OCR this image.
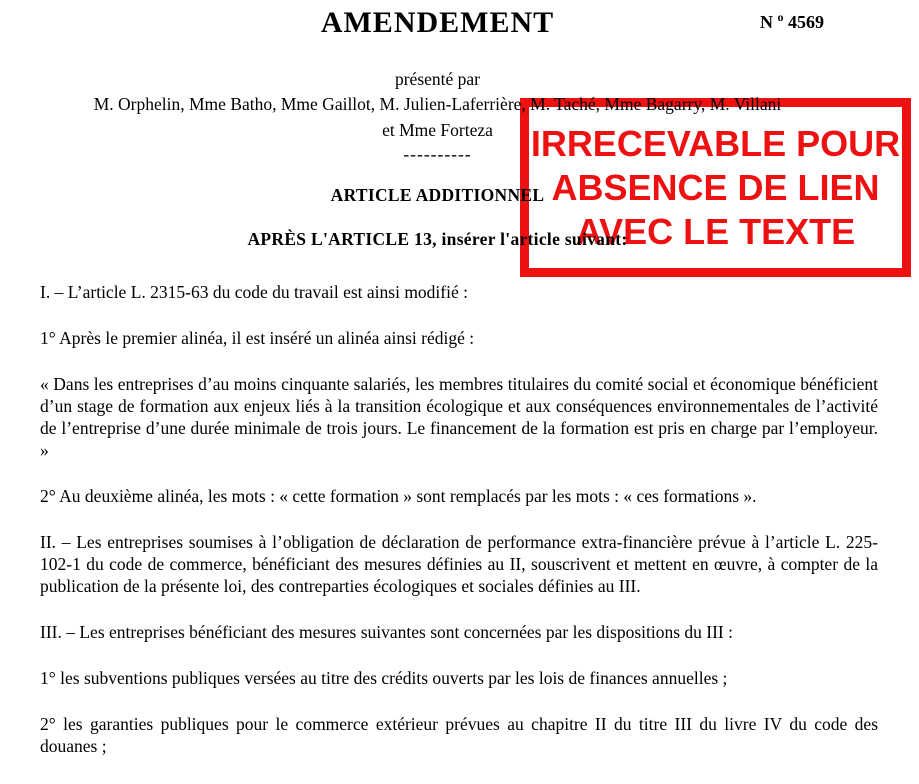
N $^o$ 4569
AMENDEMENT
présenté par
M. Orphelin, Mme Batho, Mme Gaillot, M. Julien-Laferrière, M. Taché, Mme Bagarry, M. Villani
et Mme Forteza
----------
ARTICLE ADDITIONNEL
APRÈS L'ARTICLE 13, insérer l'article suivant:

I. – L’article L. 2315-63 du code du travail est ainsi modifié :

1° Après le premier alinéa, il est inséré un alinéa ainsi rédigé :

« Dans les entreprises d’au moins cinquante salariés, les membres titulaires du comité social et économique bénéficient d’un stage de formation aux enjeux liés à la transition écologique et aux conséquences environnementales de l’activité de l’entreprise d’une durée minimale de trois jours. Le financement de la formation est pris en charge par l’employeur. »

2° Au deuxième alinéa, les mots : « cette formation » sont remplacés par les mots : « ces formations ».

II. – Les entreprises soumises à l’obligation de déclaration de performance extra-financière prévue à l’article L. 225-102-1 du code de commerce, bénéficiant des mesures définies au II, souscrivent et mettent en œuvre, à compter de la publication de la présente loi, des contreparties écologiques et sociales définies au III.

III. – Les entreprises bénéficiant des mesures suivantes sont concernées par les dispositions du III :

1° les subventions publiques versées au titre des crédits ouverts par les lois de finances annuelles ;

2° les garanties publiques pour le commerce extérieur prévues au chapitre II du titre III du livre IV du code des douanes ;

IRRECEVABLE POUR
ABSENCE DE LIEN
AVEC LE TEXTE
